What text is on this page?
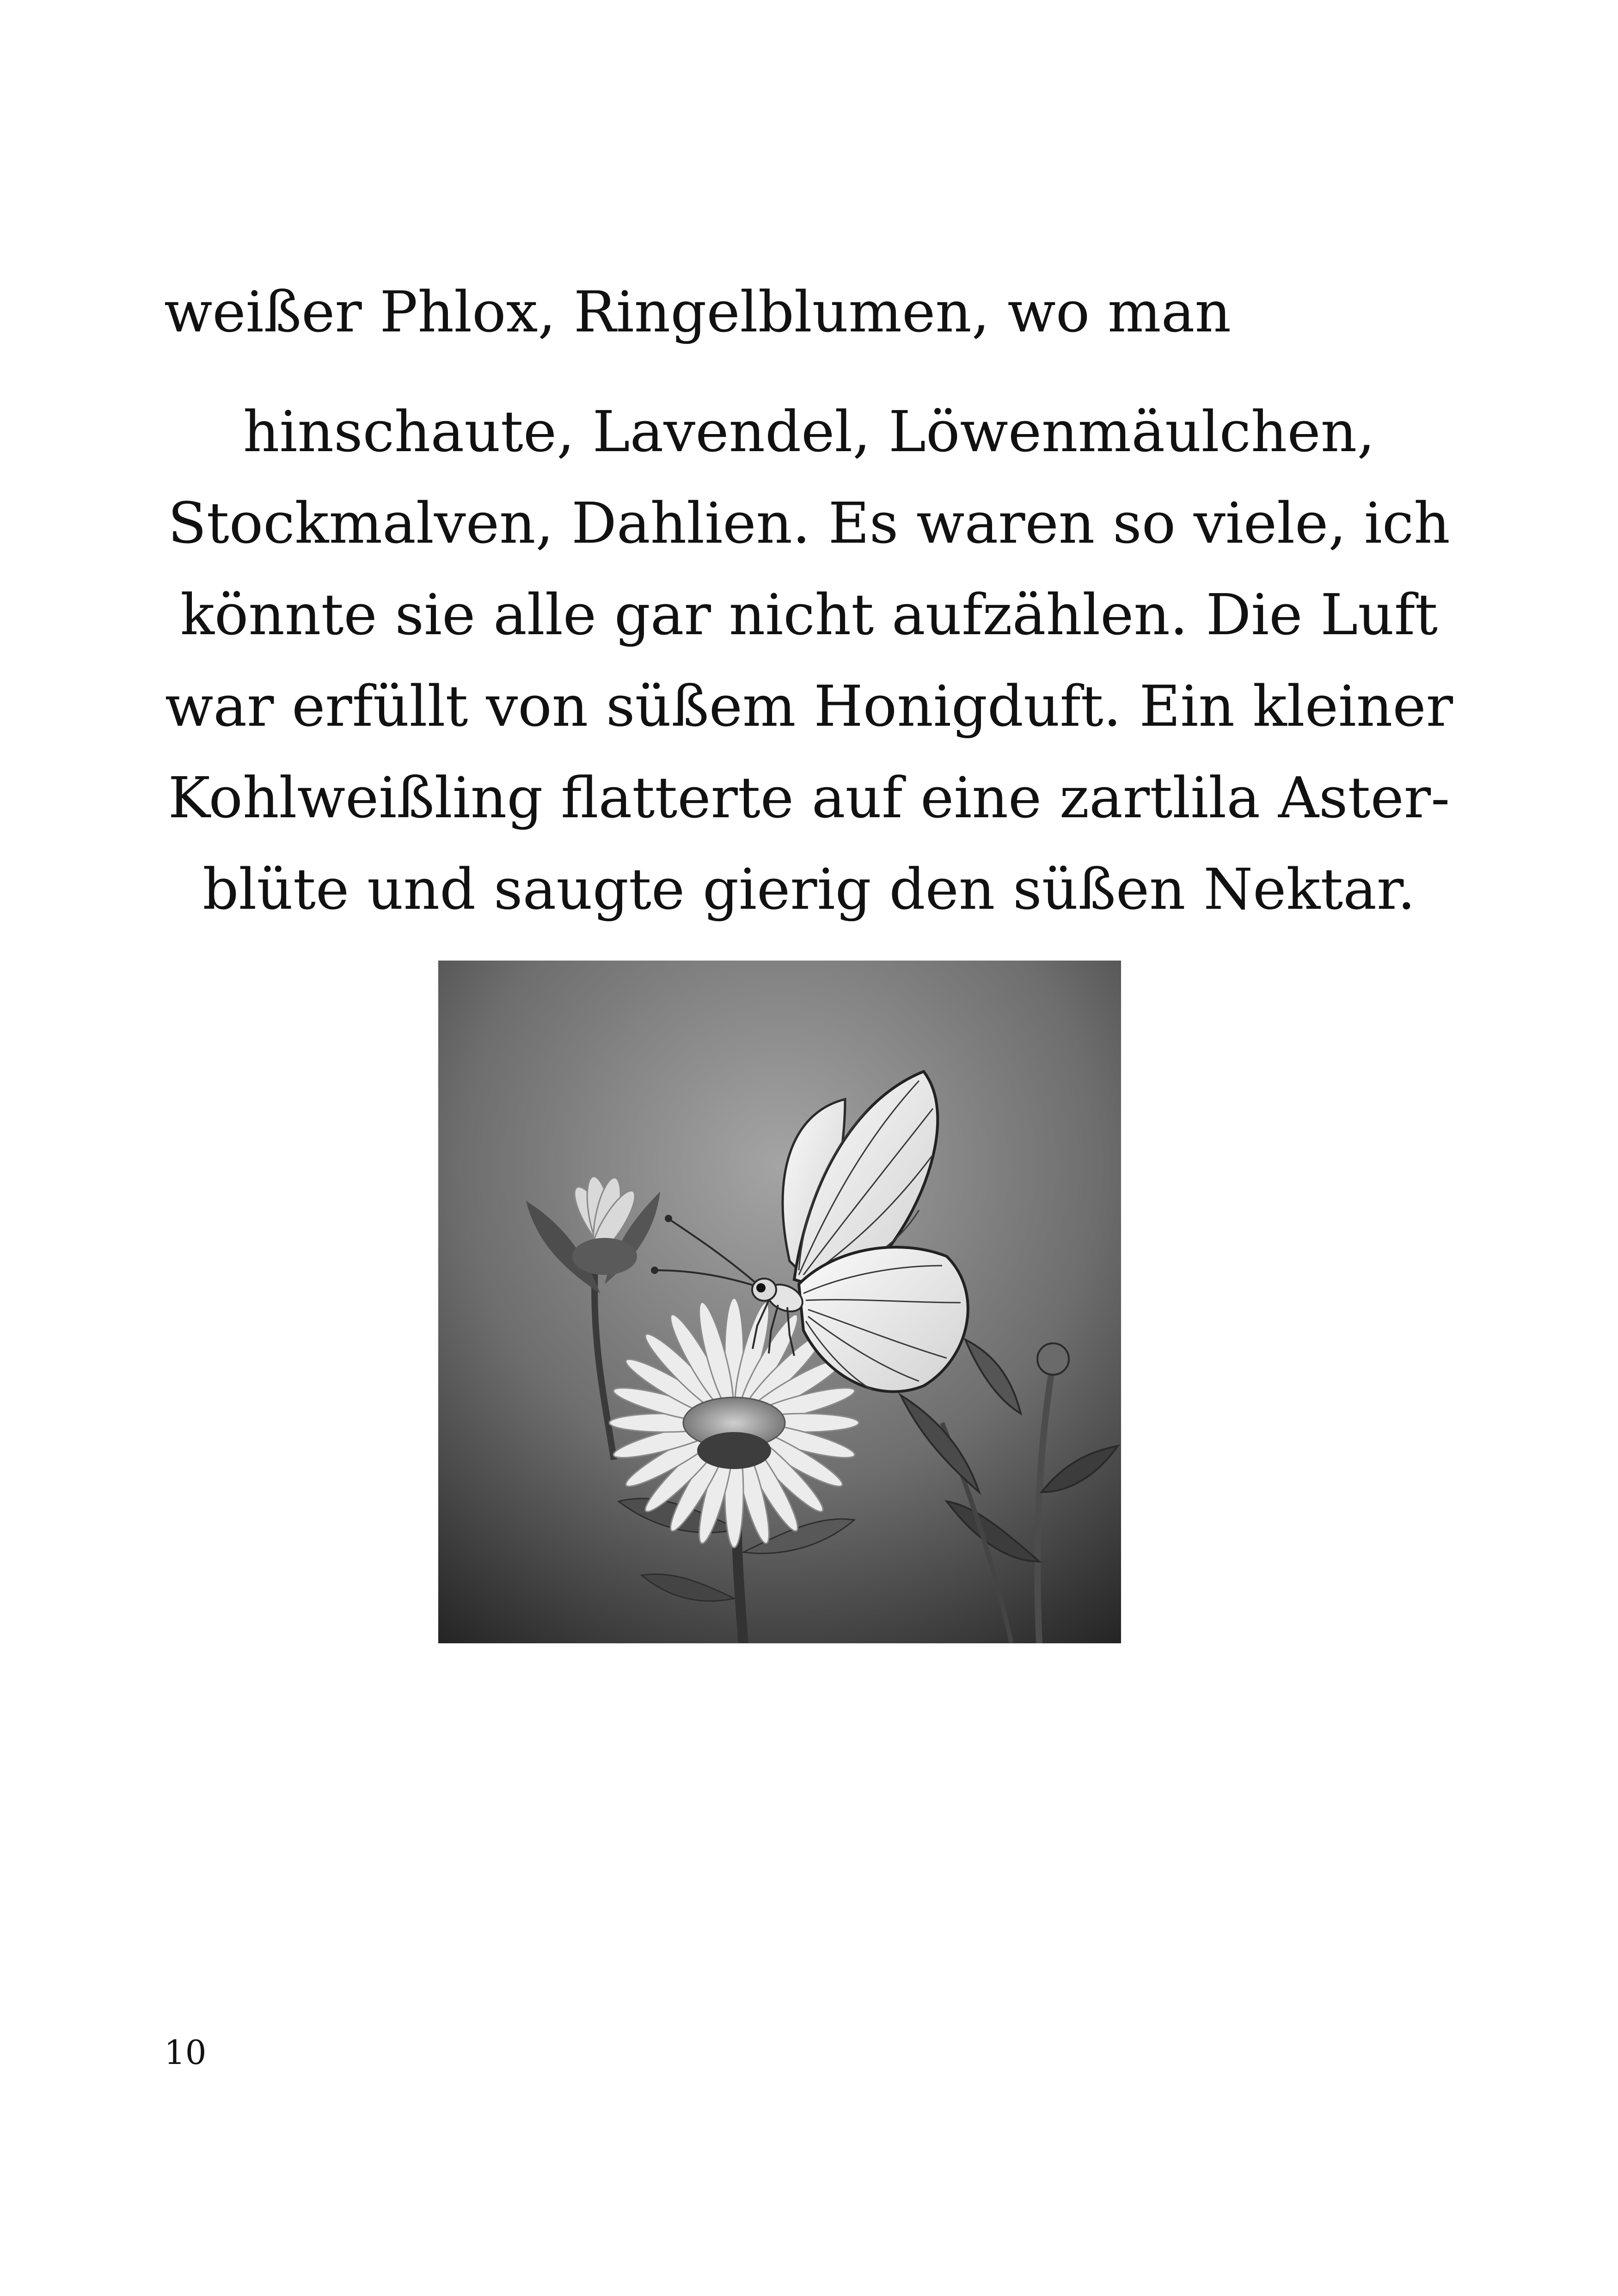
weißer Phlox, Ringelblumen, wo man

hinschaute, Lavendel, Löwenmäulchen,
Stockmalven, Dahlien. Es waren so viele, ich
könnte sie alle gar nicht aufzählen. Die Luft
war erfüllt von süßem Honigduft. Ein kleiner
Kohlweißling flatterte auf eine zartlila Aster-
blüte und saugte gierig den süßen Nektar.

10
